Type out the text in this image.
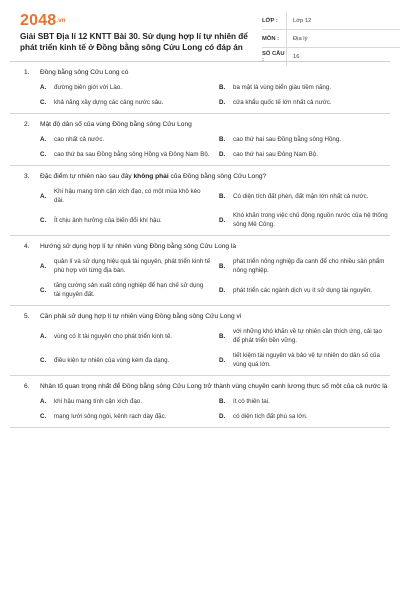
2048.vn
Giải SBT Địa lí 12 KNTT Bài 30. Sử dụng hợp lí tự nhiên để phát triển kinh tế ở Đồng bằng sông Cửu Long có đáp án
LỚP :	Lớp 12
MÔN :	Địa lý
SỐ CÂU :	16
1.	Đồng bằng sông Cửu Long có
A.	đường biên giới với Lào.	B.	ba mặt là vùng biển giàu tiềm năng.
C.	khả năng xây dựng các cảng nước sâu.	D.	cửa khẩu quốc tế lớn nhất cả nước.
2.	Mật độ dân số của vùng Đồng bằng sông Cửu Long
A.	cao nhất cả nước.	B.	cao thứ hai sau Đồng bằng sông Hồng.
C.	cao thứ ba sau Đồng bằng sông Hồng và Đông Nam Bộ. D.	cao thứ hai sau Đông Nam Bộ.
3.	Đặc điểm tự nhiên nào sau đây không phải của Đồng bằng sông Cửu Long?
A.
Khí hậu mang tính cận xích đạo, có một mùa khô kéo dài.
B.	Có diện tích đất phèn, đất mặn lớn nhất cả nước.
C.	Ít chịu ảnh hưởng của biến đổi khí hậu.	D.
Khó khăn trong việc chủ động nguồn nước của hệ thống sông Mê Công.
4.	Hướng sử dụng hợp lí tự nhiên vùng Đồng bằng sông Cửu Long là
A.
quản lí và sử dụng hiệu quả tài nguyên, phát triển kinh tế phù hợp với từng địa bàn.
B.
phát triển nông nghiệp đa canh để cho nhiều sản phẩm nông nghiệp.
C.
tăng cường sản xuất công nghiệp để hạn chế sử dụng tài nguyên đất.
D.	phát triển các ngành dịch vụ ít sử dụng tài nguyên.
5.	Cần phải sử dụng hợp lí tự nhiên vùng Đồng bằng sông Cửu Long vì
A.	vùng có ít tài nguyên cho phát triển kinh tế.	B.
với những khó khăn về tự nhiên cần thích ứng, cải tạo để phát triển bền vững.
C.	điều kiện tự nhiên của vùng kém đa dạng.	D.
tiết kiệm tài nguyên và bảo vệ tự nhiên do dân số của vùng quá lớn.
6.	Nhân tố quan trọng nhất để Đồng bằng sông Cửu Long trở thành vùng chuyên canh lương thực số một của cả nước là
A.	khí hậu mang tính cận xích đạo.	B.	ít có thiên tai.
C.	mạng lưới sông ngòi, kênh rạch dày đặc.	D.	có diện tích đất phù sa lớn.
